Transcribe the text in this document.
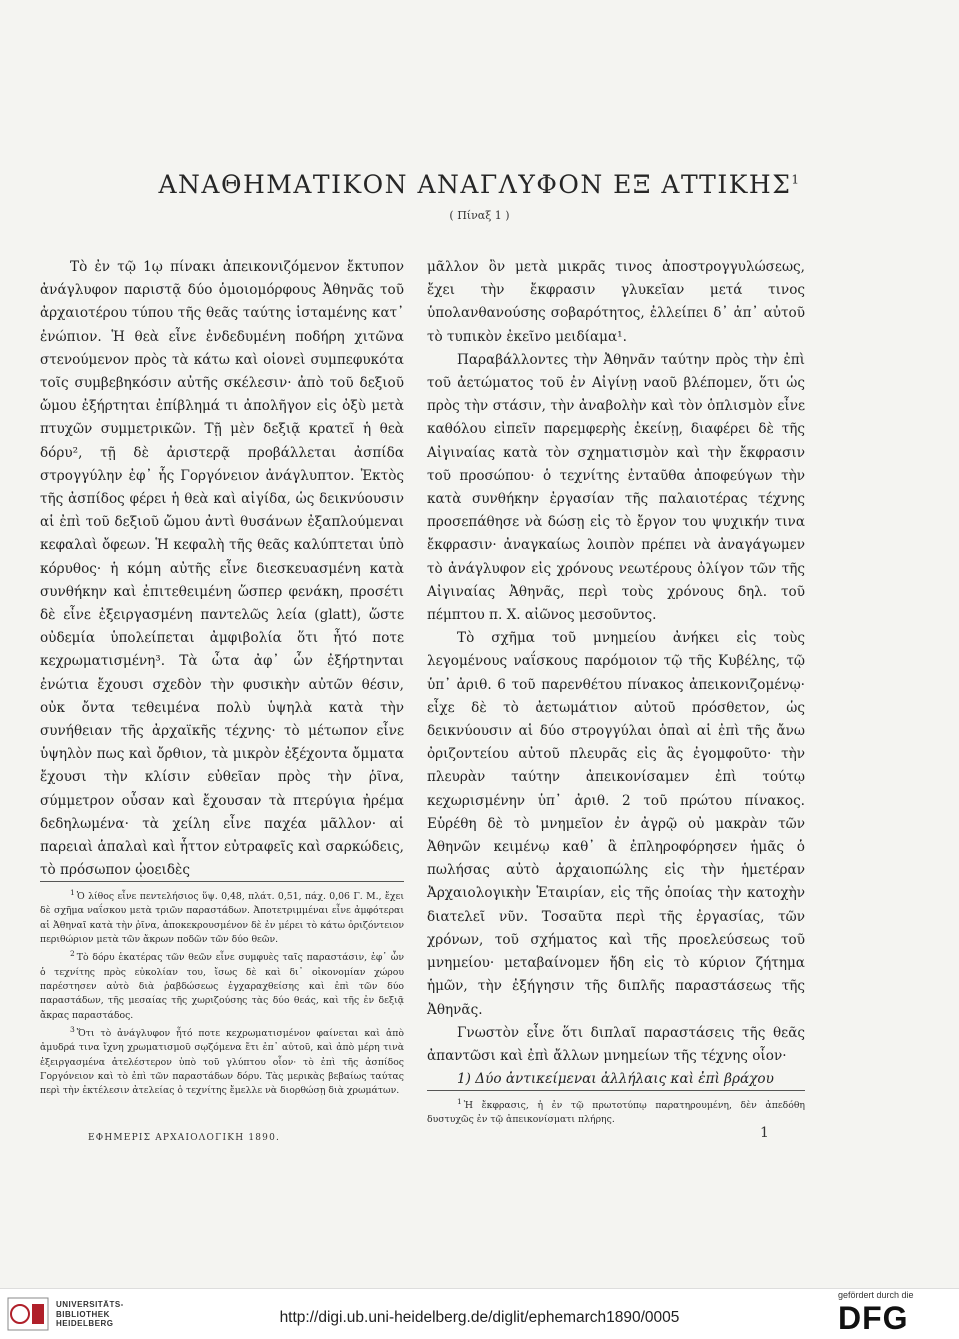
ΑΝΑΘΗΜΑΤΙΚΟΝ ΑΝΑΓΛΥΦΟΝ ΕΞ ΑΤΤΙΚΗΣ$^1$
( Πίναξ 1 )

Τὸ ἐν τῷ 1ῳ πίνακι ἀπεικονιζόμενον ἔκτυπον ἀνάγλυφον παριστᾷ δύο ὁμοιομόρφους Ἀθηνᾶς τοῦ ἀρχαιοτέρου τύπου τῆς θεᾶς ταύτης ἱσταμένης κατ᾿ ἐνώπιον. Ἡ θεὰ εἶνε ἐνδεδυμένη ποδήρη χιτῶνα στενούμενον πρὸς τὰ κάτω καὶ οἱονεὶ συμπεφυκότα τοῖς συμβεβηκόσιν αὐτῆς σκέλεσιν· ἀπὸ τοῦ δεξιοῦ ὤμου ἐξήρτηται ἐπίβλημά τι ἀπολῆγον εἰς ὀξὺ μετὰ πτυχῶν συμμετρικῶν. Τῇ μὲν δεξιᾷ κρατεῖ ἡ θεὰ δόρυ², τῇ δὲ ἀριστερᾷ προβάλλεται ἀσπίδα στρογγύλην ἐφ᾿ ἧς Γοργόνειον ἀνάγλυπτον. Ἐκτὸς τῆς ἀσπίδος φέρει ἡ θεὰ καὶ αἰγίδα, ὡς δεικνύουσιν αἱ ἐπὶ τοῦ δεξιοῦ ὤμου ἀντὶ θυσάνων ἐξαπλούμεναι κεφαλαὶ ὄφεων. Ἡ κεφαλὴ τῆς θεᾶς καλύπτεται ὑπὸ κόρυθος· ἡ κόμη αὐτῆς εἶνε διεσκευασμένη κατὰ συνθήκην καὶ ἐπιτεθειμένη ὥσπερ φενάκη, προσέτι δὲ εἶνε ἐξειργασμένη παντελῶς λεία (glatt), ὥστε οὐδεμία ὑπολείπεται ἀμφιβολία ὅτι ἦτό ποτε κεχρωματισμένη³. Τὰ ὦτα ἀφ᾿ ὧν ἐξήρτηνται ἐνώτια ἔχουσι σχεδὸν τὴν φυσικὴν αὐτῶν θέσιν, οὐκ ὄντα τεθειμένα πολὺ ὑψηλὰ κατὰ τὴν συνήθειαν τῆς ἀρχαϊκῆς τέχνης· τὸ μέτωπον εἶνε ὑψηλὸν πως καὶ ὄρθιον, τὰ μικρὸν ἐξέχοντα ὄμματα ἔχουσι τὴν κλίσιν εὐθεῖαν πρὸς τὴν ῥῖνα, σύμμετρον οὖσαν καὶ ἔχουσαν τὰ πτερύγια ἠρέμα δεδηλωμένα· τὰ χείλη εἶνε παχέα μᾶλλον· αἱ παρειαὶ ἁπαλαὶ καὶ ἧττον εὐτραφεῖς καὶ σαρκώδεις, τὸ πρόσωπον ᾠοειδὲς

$^1$ Ὁ λίθος εἶνε πεντελήσιος ὕψ. 0,48, πλάτ. 0,51, πάχ. 0,06 Γ. Μ., ἔχει δὲ σχῆμα ναΐσκου μετὰ τριῶν παραστάδων. Ἀποτετριμμέναι εἶνε ἀμφότεραι αἱ Ἀθηναῖ κατὰ τὴν ῥῖνα, ἀποκεκρουσμένον δὲ ἐν μέρει τὸ κάτω ὀριζόντειον περιθώριον μετὰ τῶν ἄκρων ποδῶν τῶν δύο θεῶν.

$^2$ Τὸ δόρυ ἑκατέρας τῶν θεῶν εἶνε συμφυὲς ταῖς παραστάσιν, ἐφ᾿ ὧν ὁ τεχνίτης πρὸς εὐκολίαν του, ἴσως δὲ καὶ δι᾿ οἰκονομίαν χώρου παρέστησεν αὐτὸ διὰ ῥαβδώσεως ἐγχαραχθείσης καὶ ἐπὶ τῶν δύο παραστάδων, τῆς μεσαίας τῆς χωριζούσης τὰς δύο θεάς, καὶ τῆς ἐν δεξιᾷ ἄκρας παραστάδος.

$^3$ Ὅτι τὸ ἀνάγλυφον ἦτό ποτε κεχρωματισμένον φαίνεται καὶ ἀπὸ ἀμυδρά τινα ἴχνη χρωματισμοῦ σῳζόμενα ἔτι ἐπ᾿ αὐτοῦ, καὶ ἀπὸ μέρη τινὰ ἐξειργασμένα ἀτελέστερον ὑπὸ τοῦ γλύπτου οἷον· τὸ ἐπὶ τῆς ἀσπίδος Γοργόνειον καὶ τὸ ἐπὶ τῶν παραστάδων δόρυ. Τὰς μερικὰς βεβαίως ταύτας περὶ τὴν ἐκτέλεσιν ἀτελείας ὁ τεχνίτης ἔμελλε νὰ διορθώσῃ διὰ χρωμάτων.

μᾶλλον ὂν μετὰ μικρᾶς τινος ἀποστρογγυλώσεως, ἔχει τὴν ἔκφρασιν γλυκεῖαν μετά τινος ὑπολανθανούσης σοβαρότητος, ἐλλείπει δ᾿ ἀπ᾿ αὐτοῦ τὸ τυπικὸν ἐκεῖνο μειδίαμα¹.

Παραβάλλοντες τὴν Ἀθηνᾶν ταύτην πρὸς τὴν ἐπὶ τοῦ ἀετώματος τοῦ ἐν Αἰγίνῃ ναοῦ βλέπομεν, ὅτι ὡς πρὸς τὴν στάσιν, τὴν ἀναβολὴν καὶ τὸν ὁπλισμὸν εἶνε καθόλου εἰπεῖν παρεμφερὴς ἐκείνῃ, διαφέρει δὲ τῆς Αἰγιναίας κατὰ τὸν σχηματισμὸν καὶ τὴν ἔκφρασιν τοῦ προσώπου· ὁ τεχνίτης ἐνταῦθα ἀποφεύγων τὴν κατὰ συνθήκην ἐργασίαν τῆς παλαιοτέρας τέχνης προσεπάθησε νὰ δώσῃ εἰς τὸ ἔργον του ψυχικήν τινα ἔκφρασιν· ἀναγκαίως λοιπὸν πρέπει νὰ ἀναγάγωμεν τὸ ἀνάγλυφον εἰς χρόνους νεωτέρους ὀλίγον τῶν τῆς Αἰγιναίας Ἀθηνᾶς, περὶ τοὺς χρόνους δηλ. τοῦ πέμπτου π. Χ. αἰῶνος μεσοῦντος.

Τὸ σχῆμα τοῦ μνημείου ἀνήκει εἰς τοὺς λεγομένους ναΐσκους παρόμοιον τῷ τῆς Κυβέλης, τῷ ὑπ᾿ ἀριθ. 6 τοῦ παρενθέτου πίνακος ἀπεικονιζομένῳ· εἶχε δὲ τὸ ἀετωμάτιον αὐτοῦ πρόσθετον, ὡς δεικνύουσιν αἱ δύο στρογγύλαι ὀπαὶ αἱ ἐπὶ τῆς ἄνω ὀριζοντείου αὐτοῦ πλευρᾶς εἰς ἃς ἐγομφοῦτο· τὴν πλευρὰν ταύτην ἀπεικονίσαμεν ἐπὶ τούτῳ κεχωρισμένην ὑπ᾿ ἀριθ. 2 τοῦ πρώτου πίνακος. Εὑρέθη δὲ τὸ μνημεῖον ἐν ἀγρῷ οὐ μακρὰν τῶν Ἀθηνῶν κειμένῳ καθ᾿ ἃ ἐπληροφόρησεν ἡμᾶς ὁ πωλήσας αὐτὸ ἀρχαιοπώλης εἰς τὴν ἡμετέραν Ἀρχαιολογικὴν Ἑταιρίαν, εἰς τῆς ὁποίας τὴν κατοχὴν διατελεῖ νῦν. Τοσαῦτα περὶ τῆς ἐργασίας, τῶν χρόνων, τοῦ σχήματος καὶ τῆς προελεύσεως τοῦ μνημείου· μεταβαίνομεν ἤδη εἰς τὸ κύριον ζήτημα ἡμῶν, τὴν ἐξήγησιν τῆς διπλῆς παραστάσεως τῆς Ἀθηνᾶς.

Γνωστὸν εἶνε ὅτι διπλαῖ παραστάσεις τῆς θεᾶς ἀπαντῶσι καὶ ἐπὶ ἄλλων μνημείων τῆς τέχνης οἷον·

1) Δύο ἀντικείμεναι ἀλλήλαις καὶ ἐπὶ βράχου

$^1$ Ἡ ἔκφρασις, ἡ ἐν τῷ πρωτοτύπῳ παρατηρουμένη, δὲν ἀπεδόθη δυστυχῶς ἐν τῷ ἀπεικονίσματι πλήρης.

ΕΦΗΜΕΡΙΣ ΑΡΧΑΙΟΛΟΓΙΚΗ 1890.	1
UNIVERSITÄTS-
BIBLIOTHEK
HEIDELBERG	http://digi.ub.uni-heidelberg.de/diglit/ephemarch1890/0005
gefördert durch die
DFG
